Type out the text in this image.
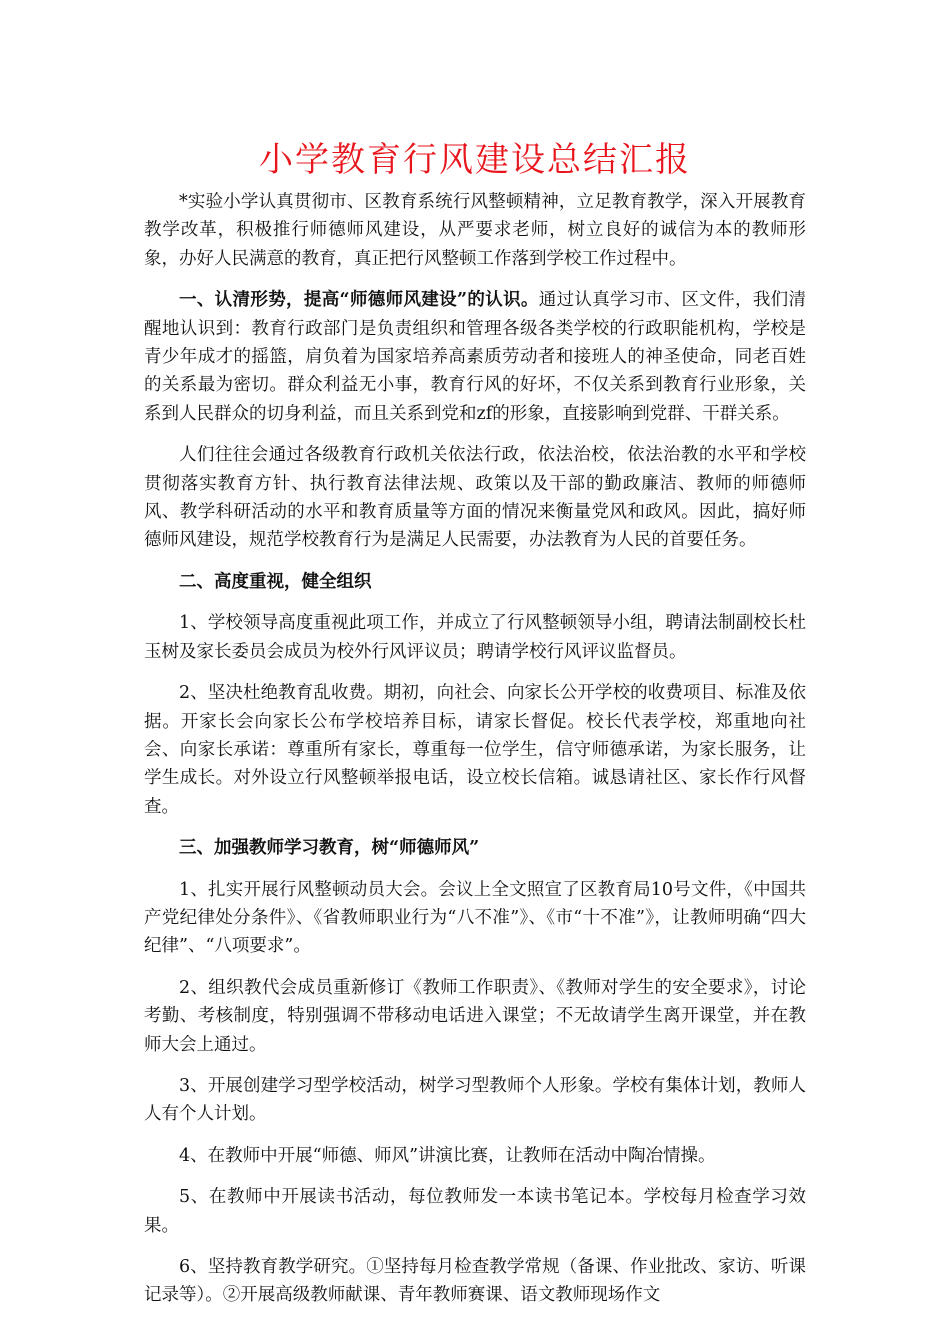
小学教育行风建设总结汇报

*实验小学认真贯彻市、区教育系统行风整顿精神，立足教育教学，深入开展教育教学改革，积极推行师德师风建设，从严要求老师，树立良好的诚信为本的教师形象，办好人民满意的教育，真正把行风整顿工作落到学校工作过程中。

一、认清形势，提高“师德师风建设”的认识。通过认真学习市、区文件，我们清醒地认识到：教育行政部门是负责组织和管理各级各类学校的行政职能机构，学校是青少年成才的摇篮，肩负着为国家培养高素质劳动者和接班人的神圣使命，同老百姓的关系最为密切。群众利益无小事，教育行风的好坏，不仅关系到教育行业形象，关系到人民群众的切身利益，而且关系到党和zf的形象，直接影响到党群、干群关系。

人们往往会通过各级教育行政机关依法行政，依法治校，依法治教的水平和学校贯彻落实教育方针、执行教育法律法规、政策以及干部的勤政廉洁、教师的师德师风、教学科研活动的水平和教育质量等方面的情况来衡量党风和政风。因此，搞好师德师风建设，规范学校教育行为是满足人民需要，办法教育为人民的首要任务。

二、高度重视，健全组织

1、学校领导高度重视此项工作，并成立了行风整顿领导小组，聘请法制副校长杜玉树及家长委员会成员为校外行风评议员；聘请学校行风评议监督员。

2、坚决杜绝教育乱收费。期初，向社会、向家长公开学校的收费项目、标准及依据。开家长会向家长公布学校培养目标，请家长督促。校长代表学校，郑重地向社会、向家长承诺：尊重所有家长，尊重每一位学生，信守师德承诺，为家长服务，让学生成长。对外设立行风整顿举报电话，设立校长信箱。诚恳请社区、家长作行风督查。

三、加强教师学习教育，树“师德师风”

1、扎实开展行风整顿动员大会。会议上全文照宣了区教育局10号文件，《中国共产党纪律处分条件》、《省教师职业行为“八不准”》、《市“十不准”》，让教师明确“四大纪律”、“八项要求”。

2、组织教代会成员重新修订《教师工作职责》、《教师对学生的安全要求》，讨论考勤、考核制度，特别强调不带移动电话进入课堂；不无故请学生离开课堂，并在教师大会上通过。

3、开展创建学习型学校活动，树学习型教师个人形象。学校有集体计划，教师人人有个人计划。

4、在教师中开展“师德、师风”讲演比赛，让教师在活动中陶冶情操。

5、在教师中开展读书活动，每位教师发一本读书笔记本。学校每月检查学习效果。

6、坚持教育教学研究。①坚持每月检查教学常规（备课、作业批改、家访、听课记录等）。②开展高级教师献课、青年教师赛课、语文教师现场作文
